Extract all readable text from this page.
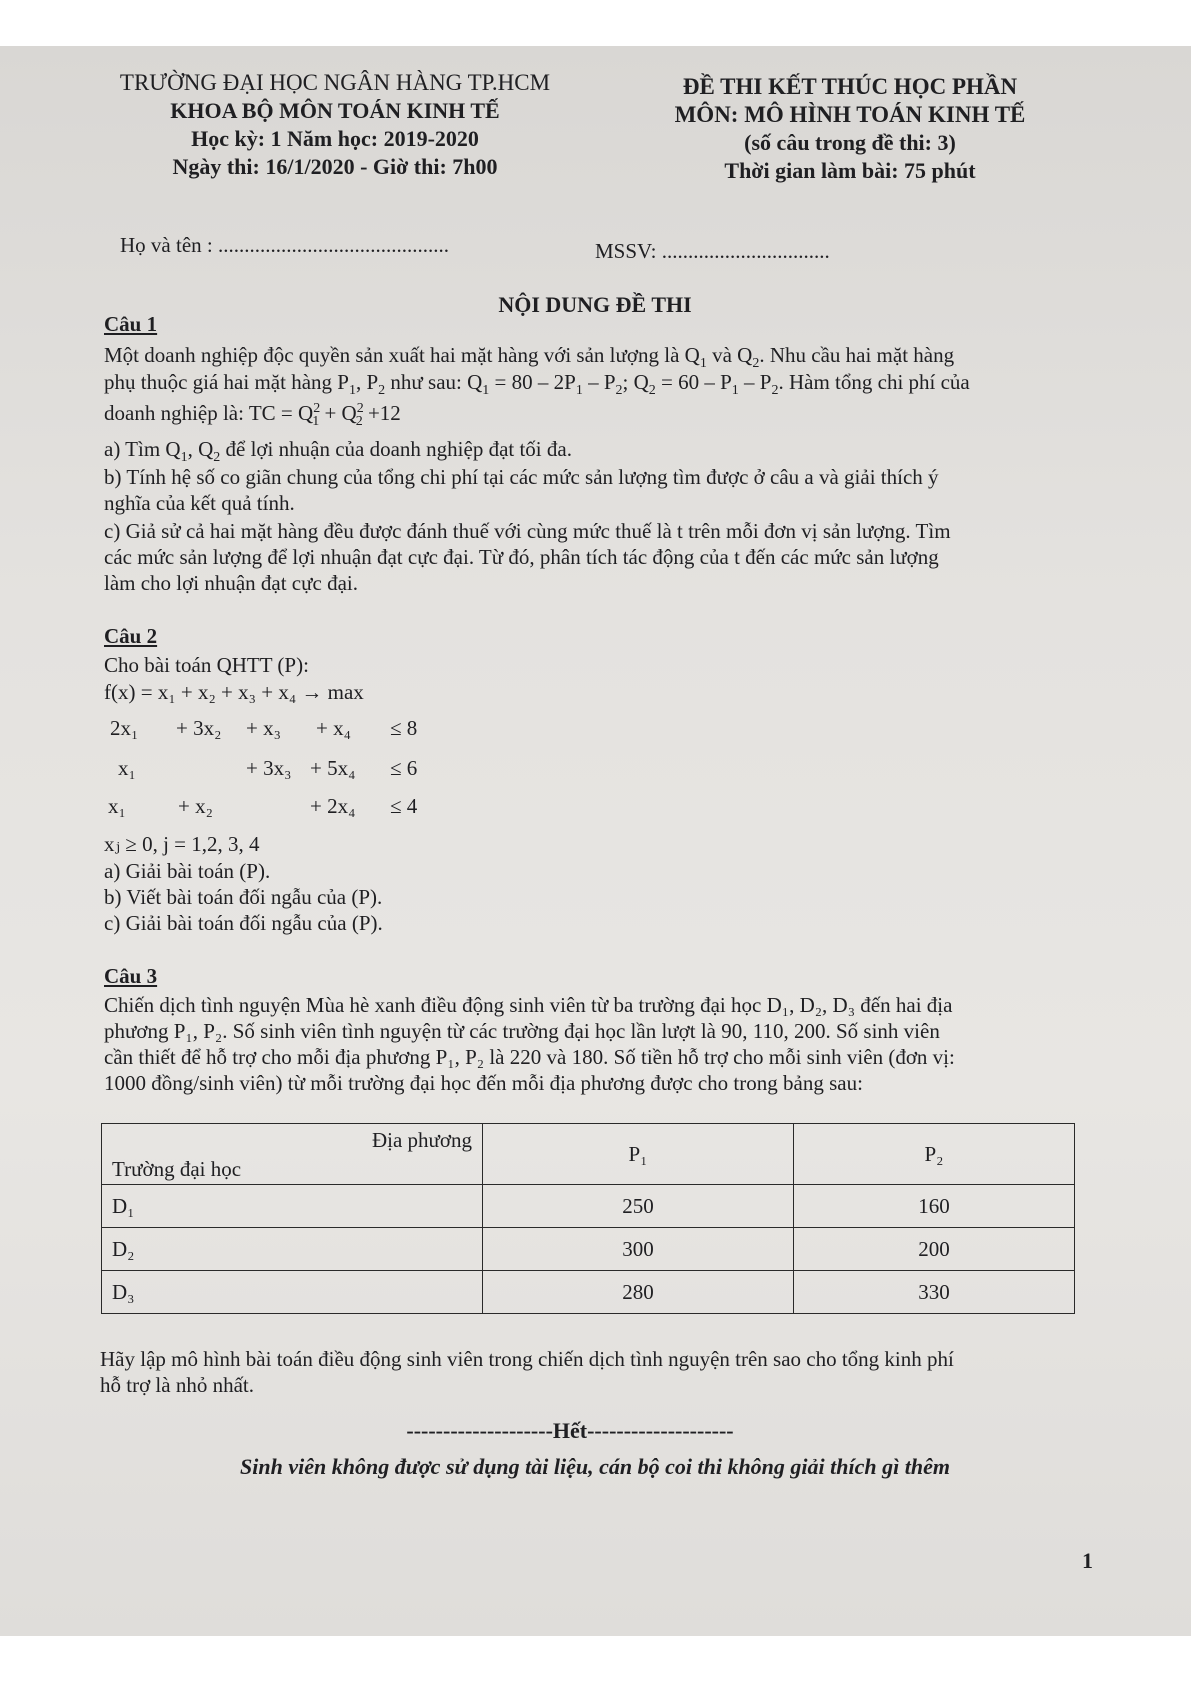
TRƯỜNG ĐẠI HỌC NGÂN HÀNG TP.HCM
KHOA BỘ MÔN TOÁN KINH TẾ
Học kỳ: 1 Năm học: 2019-2020
Ngày thi: 16/1/2020 - Giờ thi: 7h00
ĐỀ THI KẾT THÚC HỌC PHẦN
MÔN: MÔ HÌNH TOÁN KINH TẾ
(số câu trong đề thi: 3)
Thời gian làm bài: 75 phút
Họ và tên : ............................................	MSSV: ................................
NỘI DUNG ĐỀ THI
Câu 1
Một doanh nghiệp độc quyền sản xuất hai mặt hàng với sản lượng là $Q_1$ và $Q_2$. Nhu cầu hai mặt hàng
phụ thuộc giá hai mặt hàng $P_1$, $P_2$ như sau: $Q_1 = 80 - 2P_1 - P_2$; $Q_2 = 60 - P_1 - P_2$. Hàm tổng chi phí của
doanh nghiệp là: TC = $Q^2_1 + Q^2_2 +12$
a) Tìm $Q_1$, $Q_2$ để lợi nhuận của doanh nghiệp đạt tối đa.
b) Tính hệ số co giãn chung của tổng chi phí tại các mức sản lượng tìm được ở câu a và giải thích ý
nghĩa của kết quả tính.
c) Giả sử cả hai mặt hàng đều được đánh thuế với cùng mức thuế là t trên mỗi đơn vị sản lượng. Tìm
các mức sản lượng để lợi nhuận đạt cực đại. Từ đó, phân tích tác động của t đến các mức sản lượng
làm cho lợi nhuận đạt cực đại.
Câu 2
Cho bài toán QHTT (P):
f(x) = x₁ + x₂ + x₃ + x₄ → max
2x₁ + 3x₂ + x₃ + x₄ ≤ 8
x₁	+ 3x₃ + 5x₄ ≤ 6
x₁ + x₂	+ 2x₄ ≤ 4
xⱼ ≥ 0, j = 1,2, 3, 4
a) Giải bài toán (P).
b) Viết bài toán đối ngẫu của (P).
c) Giải bài toán đối ngẫu của (P).
Câu 3
Chiến dịch tình nguyện Mùa hè xanh điều động sinh viên từ ba trường đại học D₁, D₂, D₃ đến hai địa
phương P₁, P₂. Số sinh viên tình nguyện từ các trường đại học lần lượt là 90, 110, 200. Số sinh viên
cần thiết để hỗ trợ cho mỗi địa phương P₁, P₂ là 220 và 180. Số tiền hỗ trợ cho mỗi sinh viên (đơn vị:
1000 đồng/sinh viên) từ mỗi trường đại học đến mỗi địa phương được cho trong bảng sau:
Địa phương
Trường đại học	P₁	P₂
D₁	250	160
D₂	300	200
D₃	280	330
Hãy lập mô hình bài toán điều động sinh viên trong chiến dịch tình nguyện trên sao cho tổng kinh phí
hỗ trợ là nhỏ nhất.
--------------------Hết--------------------
Sinh viên không được sử dụng tài liệu, cán bộ coi thi không giải thích gì thêm
1
